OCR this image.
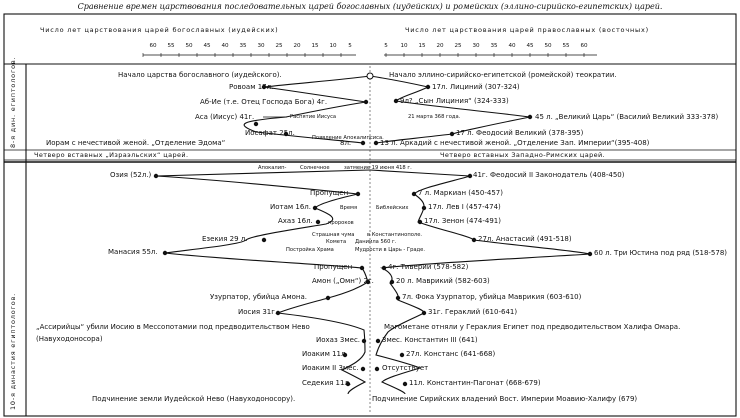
Сравнение времен царствования последовательных царей богославных (иудейских) и ромейских (эллино-сирийско-египетских) царей.
Число лет царствования царей богославных (иудейских)	Число лет царствования царей православных (восточных)
60 55 50 45 40 35 30 25 20 15 10 5	5 10 15 20 25 30 35 40 45 50 55 60
8-я дин. египтологов.
10-я династия египтологов.
Начало царства богославного (иудейского).	Начало эллино-сирийско-египетской (ромейской) теократии.
Ровоам 17л.	17л. Лициний (307-324)
Аб-Ие (т.е. Отец Господа Бога) 4г.	9л? „Сын Лициния“ (324-333)
Аса (Иисус) 41г.	45 л. „Великий Царь“ (Василий Великий 333-378)
Иосафат 25л.	17 л. Феодосий Великий (378-395)
Иорам с нечестивой женой. „Отделение Эдома“	13 л. Аркадий с нечестивой женой. „Отделение Зап. Империи“(395-408)
Распятие Иисуса	21 марта 368 года.
Появление Апокалипсиса.
8л.
Четверо вставных „Израэльских“ царей.	Четверо вставных Западно-Римских царей.
Озия (52л.)	41г. Феодосий II Законодатель (408-450)
Пропущен	7 л. Маркиан (450-457)
Иотам 16л.	17л. Лев I (457-474)
Ахаз 16л.	17л. Зенон (474-491)
Езекия 29 л.	27л. Анастасий (491-518)
Манасия 55л.	60 л. Три Юстина под ряд (518-578)
Пропущен	4г. Тиверий (578-582)
Амон („Омн“) 2г.	20 л. Маврикий (582-603)
Узурпатор, убийца Амона.	7л. Фока Узурпатор, убийца Маврикия (603-610)
Иосия 31г.	31г. Гераклий (610-641)
„Ассирийцы“ убили Иосию в Мессопотамии под предводительством Нево (Навуходоносора)
Магометане отняли у Гераклия Египет под предводительством Халифа Омара.
Иохаз 3мес.	3мес. Константин III (641)
Иоаким 11л.	27л. Констанс (641-668)
Иоаким II 3мес.	Отсутствует
Седекия 11л.	11л. Константин-Пагонат (668-679)
Подчинение земли Иудейской Нево (Навуходоносору).	Подчинение Сирийских владений Вост. Империи Моавию-Халифу (679)
Апокалип-	Солнечное	затмение 19 июня 418 г.
Время	Библейских
пророков
Страшная чума в Константинополе.
Комета Даниила 560 г.
Постройка Храма	Мудрости в Царь - Граде.
